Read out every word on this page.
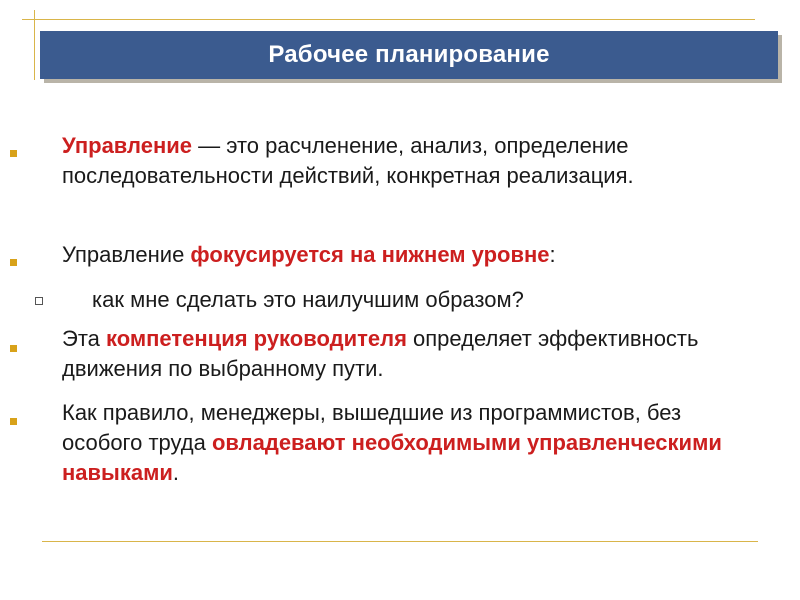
Рабочее планирование
Управление — это расчленение, анализ, определение последовательности действий, конкретная реализация.
Управление фокусируется на нижнем уровне:
как мне сделать это наилучшим образом?
Эта компетенция руководителя определяет эффективность движения по выбранному пути.
Как правило, менеджеры, вышедшие из программистов, без особого труда овладевают необходимыми управленческими навыками.
